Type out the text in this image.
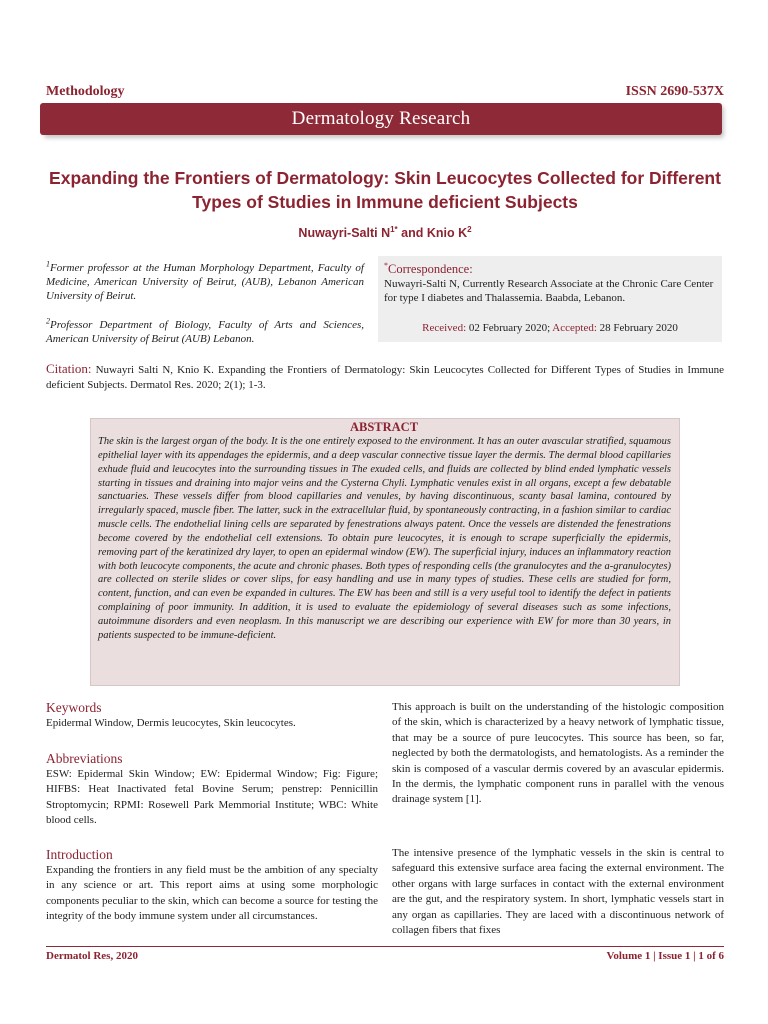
Methodology	ISSN 2690-537X
Dermatology Research
Expanding the Frontiers of Dermatology: Skin Leucocytes Collected for Different Types of Studies in Immune deficient Subjects
Nuwayri-Salti $N^{1*}$ and Knio $K^2$
$^1$Former professor at the Human Morphology Department, Faculty of Medicine, American University of Beirut, (AUB), Lebanon American University of Beirut.
$^2$Professor Department of Biology, Faculty of Arts and Sciences, American University of Beirut (AUB) Lebanon.
*Correspondence:
Nuwayri-Salti N, Currently Research Associate at the Chronic Care Center for type I diabetes and Thalassemia. Baabda, Lebanon.
Received: 02 February 2020; Accepted: 28 February 2020
Citation: Nuwayri Salti N, Knio K. Expanding the Frontiers of Dermatology: Skin Leucocytes Collected for Different Types of Studies in Immune deficient Subjects. Dermatol Res. 2020; 2(1); 1-3.
ABSTRACT
The skin is the largest organ of the body. It is the one entirely exposed to the environment. It has an outer avascular stratified, squamous epithelial layer with its appendages the epidermis, and a deep vascular connective tissue layer the dermis. The dermal blood capillaries exhude fluid and leucocytes into the surrounding tissues in The exuded cells, and fluids are collected by blind ended lymphatic vessels starting in tissues and draining into major veins and the Cysterna Chyli. Lymphatic venules exist in all organs, except a few debatable sanctuaries. These vessels differ from blood capillaries and venules, by having discontinuous, scanty basal lamina, contoured by irregularly spaced, muscle fiber. The latter, suck in the extracellular fluid, by spontaneously contracting, in a fashion similar to cardiac muscle cells. The endothelial lining cells are separated by fenestrations always patent. Once the vessels are distended the fenestrations become covered by the endothelial cell extensions. To obtain pure leucocytes, it is enough to scrape superficially the epidermis, removing part of the keratinized dry layer, to open an epidermal window (EW). The superficial injury, induces an inflammatory reaction with both leucocyte components, the acute and chronic phases. Both types of responding cells (the granulocytes and the a-granulocytes) are collected on sterile slides or cover slips, for easy handling and use in many types of studies. These cells are studied for form, content, function, and can even be expanded in cultures. The EW has been and still is a very useful tool to identify the defect in patients complaining of poor immunity. In addition, it is used to evaluate the epidemiology of several diseases such as some infections, autoimmune disorders and even neoplasm. In this manuscript we are describing our experience with EW for more than 30 years, in patients suspected to be immune-deficient.
Keywords
Epidermal Window, Dermis leucocytes, Skin leucocytes.
Abbreviations
ESW: Epidermal Skin Window; EW: Epidermal Window; Fig: Figure; HIFBS: Heat Inactivated fetal Bovine Serum; penstrep: Pennicillin Stroptomycin; RPMI: Rosewell Park Memmorial Institute; WBC: White blood cells.
Introduction
Expanding the frontiers in any field must be the ambition of any specialty in any science or art. This report aims at using some morphologic components peculiar to the skin, which can become a source for testing the integrity of the body immune system under all circumstances.
This approach is built on the understanding of the histologic composition of the skin, which is characterized by a heavy network of lymphatic tissue, that may be a source of pure leucocytes. This source has been, so far, neglected by both the dermatologists, and hematologists. As a reminder the skin is composed of a vascular dermis covered by an avascular epidermis. In the dermis, the lymphatic component runs in parallel with the venous drainage system [1].
The intensive presence of the lymphatic vessels in the skin is central to safeguard this extensive surface area facing the external environment. The other organs with large surfaces in contact with the external environment are the gut, and the respiratory system. In short, lymphatic vessels start in any organ as capillaries. They are laced with a discontinuous network of collagen fibers that fixes
Dermatol Res, 2020	Volume 1 | Issue 1 | 1 of 6
